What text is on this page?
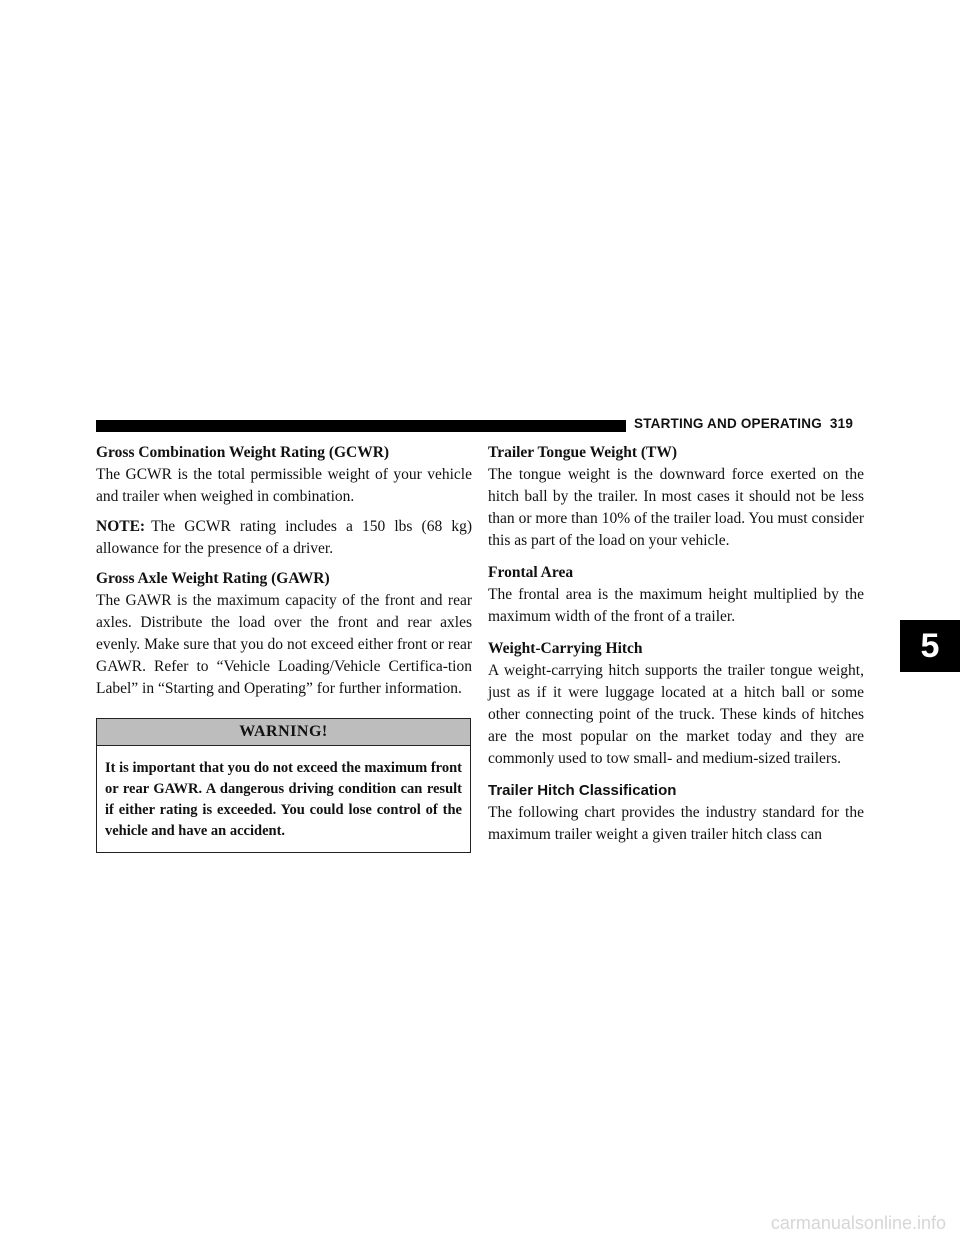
STARTING AND OPERATING 319
Gross Combination Weight Rating (GCWR)

The GCWR is the total permissible weight of your vehicle and trailer when weighed in combination.

NOTE: The GCWR rating includes a 150 lbs (68 kg) allowance for the presence of a driver.

Gross Axle Weight Rating (GAWR)

The GAWR is the maximum capacity of the front and rear axles. Distribute the load over the front and rear axles evenly. Make sure that you do not exceed either front or rear GAWR. Refer to “Vehicle Loading/Vehicle Certifica-tion Label” in “Starting and Operating” for further information.

WARNING!
It is important that you do not exceed the maximum front or rear GAWR. A dangerous driving condition can result if either rating is exceeded. You could lose control of the vehicle and have an accident.
Trailer Tongue Weight (TW)

The tongue weight is the downward force exerted on the hitch ball by the trailer. In most cases it should not be less than or more than 10% of the trailer load. You must consider this as part of the load on your vehicle.

Frontal Area

The frontal area is the maximum height multiplied by the maximum width of the front of a trailer.

Weight-Carrying Hitch

A weight-carrying hitch supports the trailer tongue weight, just as if it were luggage located at a hitch ball or some other connecting point of the truck. These kinds of hitches are the most popular on the market today and they are commonly used to tow small- and medium-sized trailers.

Trailer Hitch Classification

The following chart provides the industry standard for the maximum trailer weight a given trailer hitch class can

5
carmanualsonline.info
